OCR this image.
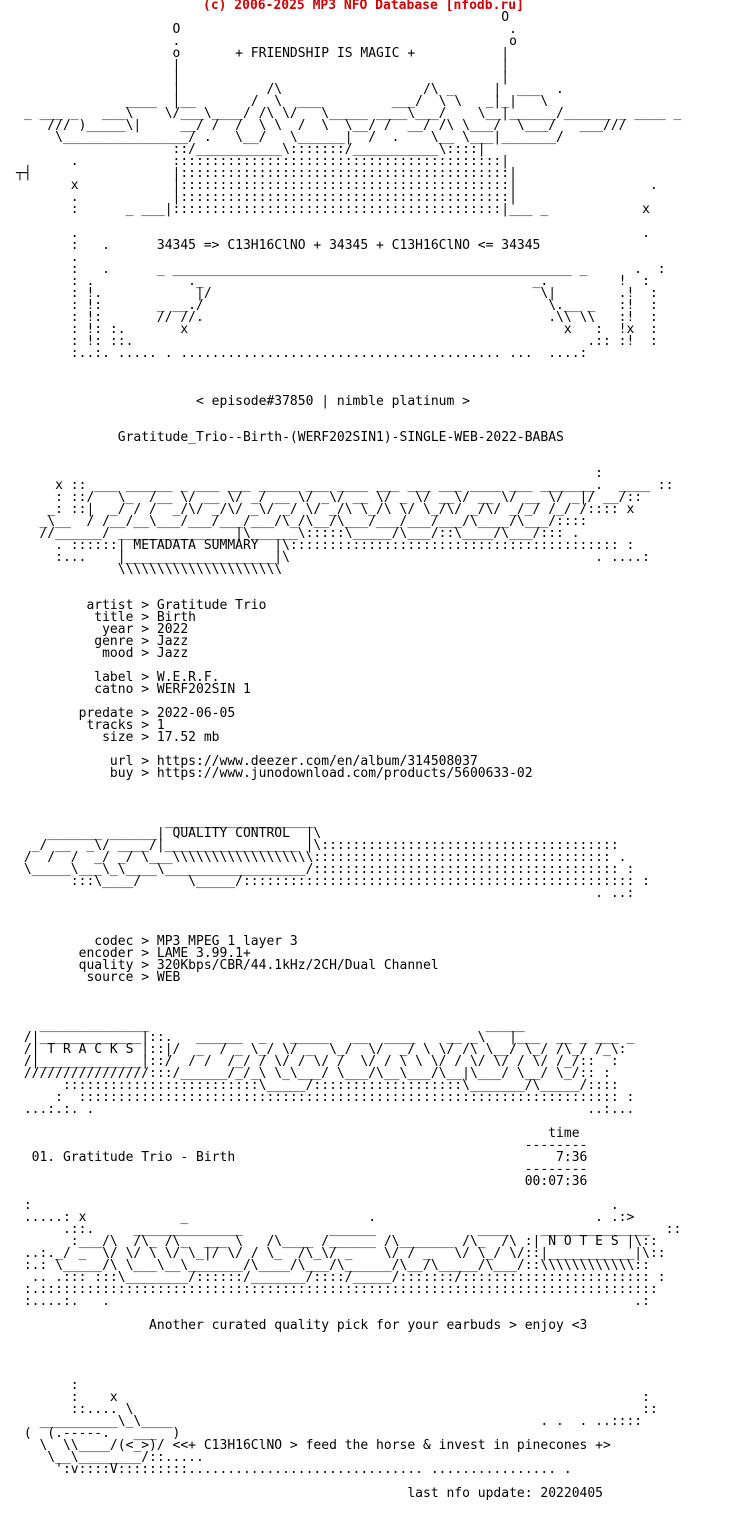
(c) 2006-2025 MP3 NFO Database [nfodb.ru]
O
O                                          .
.                                          o
o       + FRIENDSHIP IS MAGIC +           |
|                                         |
|                                         |
|           /\                  /\ _     |  ___  .
____  |__       /  \  ___         ___/  \ \   _|_|   \
_ ___ _   ___\    \/___\____/ /\ \/   \_____ ____\___/    \__|______/______ _ ____ _
/// )_____\|     __/ /  /  \ \  /  \  \__/ /  __/ /\ \___/  \___/   ___///
\________________/ .   \__/   \______|  /  .    \__ \___|_______/
::/___________\:::::::/___________\::::|
.            ::::::::::::::::::::::::::::::::::::::::::|
┬┤                  |::::::::::::::::::::::::::::::::::::::::::|
x            |::::::::::::::::::::::::::::::::::::::::::|                 .
.            |::::::::::::::::::::::::::::::::::::::::::|
:      _ ___|::::::::::::::::::::::::::::::::::::::::::|___ _            x
.                                                                        .
:   .      34345 => C13H16ClNO + 34345 + C13H16ClNO <= 34345
.
:   .      _ ___________________________________________________ _      .  :
: .            ._                                          _.         !  :
: !.            |/                                          \|        .!  :
: !:       _ __./                                            \.__ _   :!  :
: !:       // //.                                            .\\ \\   :!  :
: !: :.       x                                                x   :  !x  :
: !: ::.                                                          .:: :!  :
:..:. ..... . ......................................... ...  ....:
< episode#37850 | nimble platinum >
Gratitude_Trio--Birth-(WERF202SIN1)-SINGLE-WEB-2022-BABAS
:
x :: ___ ______ _ ___ ___ _____ ___ ____ ___ ___ ___ ____ ___ _______.  ____ ::
: ::/   \_  /__ \/ __ \/ _/ __ \/ _\/ __ \/ _ \/ __\/ __ \/ __ \/ _|/ __/::
_: ::|  _/ / /  _/\/ _/\/ _\/ _/ \/ _/\ \_/\ \/ \_/\/ _/\/ _/_/ /_/ /:::: x
_\__  / /__/__\___/___/___/___/\_/\__/\___/___/___/___/\____/\___/::::
//______/ ______________ |\______\:::::\_____/\___/::\____/\___/::: .
. ::::::| METADATA SUMMARY  |\:::::::::::::::::::::::::::::::::::::::::: :
:...    |___________________|\                                       . ....:
\\\\\\\\\\\\\\\\\\\\\
artist > Gratitude Trio
title > Birth
year > 2022
genre > Jazz
mood > Jazz
label > W.E.R.F.
catno > WERF202SIN 1
predate > 2022-06-05
tracks > 1
size > 17.52 mb
url > https://www.deezer.com/en/album/314508037
buy > https://www.junodownload.com/products/5600633-02
___________________
_______ ______| QUALITY CONTROL  |\
_/ __  _\/ ____/|_________________ |\::::::::::::::::::::::::::::::::::::::
/  /  /  _/ _/ \___\\\\\\\\\\\\\\\\\\:::::::::::::::::::::::::::::::::::::: .
\_____\___\_\____\__________________/::::::::::::::::::::::::::::::::::::::: :
:::\____/      \_____/:::::::::::::::::::::::::::::::::::::::::::::::::: :
. ..:
codec > MP3 MPEG 1 layer 3
encoder > LAME 3.99.1+
quality > 320Kbps/CBR/44.1kHz/2CH/Dual Channel
source > WEB
______________                                           _____
/|_____________|::.   ______  _   _____   __  ____    __ _\   |___  __ _ ___ _
/| T R A C K S |::|/  _  / _ \_/ \/ _  \_/  \/  _/ \ \/ /\ \__/ \_/ /\_/ /_\:
/|_____________|::/  / /  /_/ / \/ / \/ /  \/ / \ \ \/ / \/ \/ / \/ /_/::  :
////////////////:::/______/_/_\ \_\___/ \___/\__\___/\__|\___/ \__/ \_/:: :
:::::::::::::::::::::::::\_____/:::::::::::::::::::\_______/\_____/::::
:  ::::::::::::::::::::::::::::::::::::::::::::::::::::::::::::::::::::: :
...:.:. .                                                               ..:...
time
--------
01. Gratitude Trio - Birth                                         7:36
--------
00:07:36
:                                                                          .
.....: x            _                       .                            . .:>
.::.     ______________           ______             ____    ______________  ::
:___/\  /\_ /\_  ___ \   /\____ /______ /\_______ /\_  /\ :| N O T E S |\::
..:._/ _  \/ \/ \ \/ \_|/ \/ / \_  /\_\/ _    \/ / _   \/ \_/ \/::|___________|\::
:.: \_____/\ \___\__\_______/\____/\___/\______/\__/\_____/\___/::\\\\\\\\\\\\::
.. .::: :::\________/::::::/_______/::::/_____/:::::::/:::::::::::::::::::::::: :
:.:::::::::::::::::::::::::::::::::::::::::::::::::::::::::::::::::::::::::::::::
:....:.   .                                                                   .:
Another curated quality pick for your earbuds > enjoy <3
:
:    x                                                                   :
::.... \                                                                 ::
__________\_\____                                               . .  . ..::::
(  (.-----.   ___  )
\  \\____/(<_>)/ <<+ C13H16ClNO > feed the horse & invest in pinecones +>
\__\________/::.....
':v::::V:::::::::.............................. ................ .
last nfo update: 20220405
